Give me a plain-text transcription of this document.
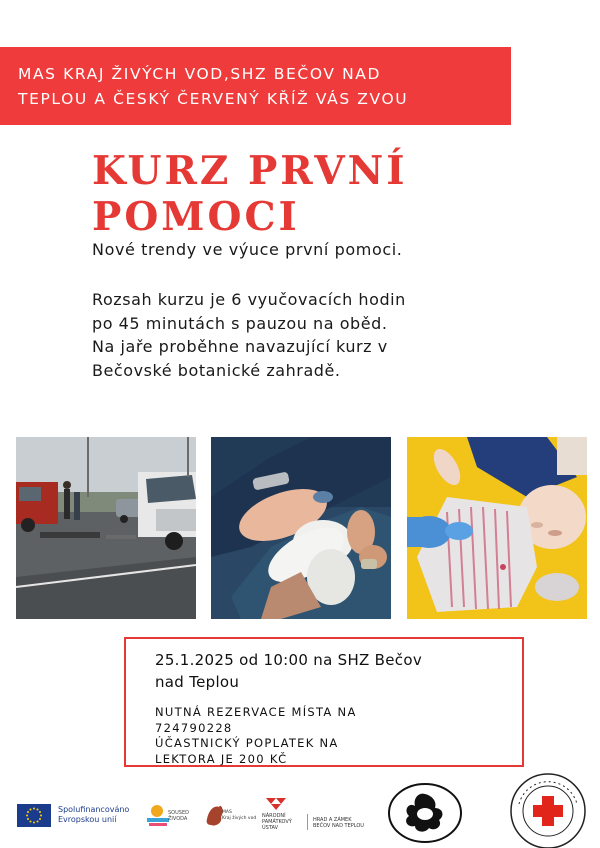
MAS KRAJ ŽIVÝCH VOD,SHZ BEČOV NAD
TEPLOU A ČESKÝ ČERVENÝ KŘÍŽ VÁS ZVOU
KURZ PRVNÍ
POMOCI

Nové trendy ve výuce první pomoci.

Rozsah kurzu je 6 vyučovacích hodin
po 45 minutách s pauzou na oběd.
Na jaře proběhne navazující kurz v
Bečovské botanické zahradě.
25.1.2025 od 10:00 na SHZ Bečov
nad Teplou
NUTNÁ REZERVACE MÍSTA NA
724790228
ÚČASTNICKÝ POPLATEK NA
LEKTORA JE 200 KČ
Spolufinancováno
Evropskou unií
SOUSED
ŽIVODA
MAS
Kraj živých vod NÁRODNÍ
PAMÁTKOVÝ
ÚSTAV
HRAD A ZÁMEK
BEČOV NAD TEPLOU
